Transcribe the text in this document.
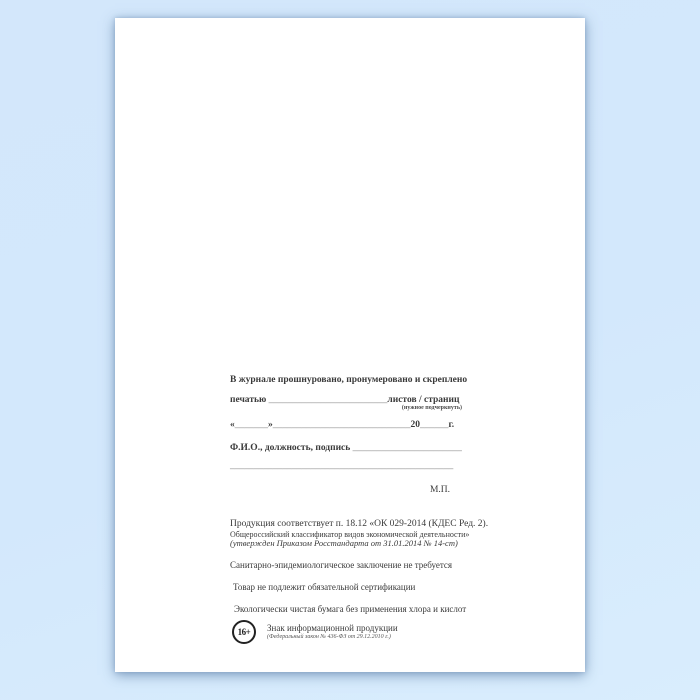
В журнале прошнуровано, пронумеровано и скреплено
печатью _________________________листов / страниц
(нужное подчеркнуть)
«_______»_____________________________20______г.
Ф.И.О., должность, подпись _______________________
_______________________________________________
М.П.
Продукция соответствует п. 18.12 «ОК 029-2014 (КДЕС Ред. 2).
Общероссийский классификатор видов экономической деятельности»
(утвержден Приказом Росстандарта от 31.01.2014 № 14-ст)
Санитарно-эпидемиологическое заключение не требуется
Товар не подлежит обязательной сертификации
Экологически чистая бумага без применения хлора и кислот
16+	Знак информационной продукции
(Федеральный закон № 436-ФЗ от 29.12.2010 г.)
